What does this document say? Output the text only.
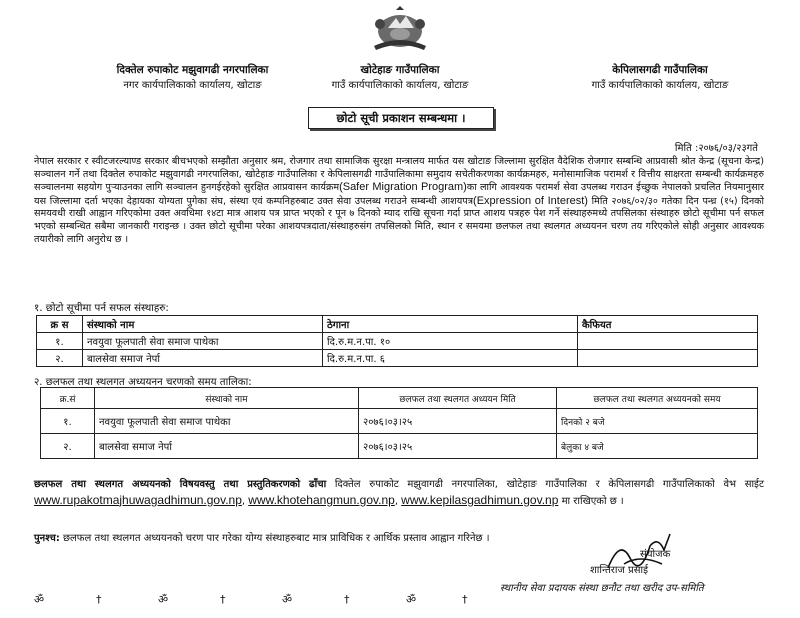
दिक्तेल रुपाकोट मझुवागढी नगरपालिका
नगर कार्यपालिकाको कार्यालय, खोटाङ
खोटेहाङ गाउँपालिका
गाउँ कार्यपालिकाको कार्यालय, खोटाङ
केपिलासगढी गाउँपालिका
गाउँ कार्यपालिकाको कार्यालय, खोटाङ
छोटो सूची प्रकाशन सम्बन्धमा ।
मिति :२०७६/०३/२३गते
नेपाल सरकार र स्वीटजरल्याण्ड सरकार बीचभएको सम्झौता अनुसार श्रम, रोजगार तथा सामाजिक सुरक्षा मन्त्रालय मार्फत यस खोटाङ जिल्लामा सुरक्षित वैदेशिक रोजगार सम्बन्धि आप्रवासी श्रोत केन्द्र (सूचना केन्द्र) सञ्चालन गर्ने तथा दिक्तेल रुपाकोट मझुवागढी नगरपालिका, खोटेहाङ गाउँपालिका र केपिलासगढी गाउँपालिकामा समुदाय सचेतीकरणका कार्यक्रमहरु, मनोसामाजिक परामर्श र वित्तीय साक्षरता सम्बन्धी कार्यक्रमहरु सञ्चालनमा सहयोग पुऱ्याउनका लागि सञ्चालन हुनगईरहेको सुरक्षित आप्रवासन कार्यक्रम(Safer Migration Program)का लागि आवश्यक परामर्श सेवा उपलब्ध गराउन ईच्छुक नेपालको प्रचलित नियमानुसार यस जिल्लामा दर्ता भएका देहायका योग्यता पुगेका संघ, संस्था एवं कम्पनिहरुबाट उक्त सेवा उपलब्ध गराउने सम्बन्धी आशयपत्र(Expression of Interest) मिति २०७६/०२/३० गतेका दिन पन्ध्र (१५) दिनको समयवधी राखी आह्वान गरिएकोमा उक्त अवधिमा १४टा मात्र आशय पत्र प्राप्त भएको र पून ७ दिनको म्याद राखि सूचना गर्दा प्राप्त आशय पत्रहरु पेश गर्ने संस्थाहरुमध्ये तपसिलका संस्थाहरु छोटो सूचीमा पर्न सफल भएको सम्बन्धित सबैमा जानकारी गराइन्छ । उक्त छोटो सूचीमा परेका आशयपत्रदाता/संस्थाहरुसंग तपसिलको मिति, स्थान र समयमा छलफल तथा स्थलगत अध्ययनन चरण तय गरिएकोले सोही अनुसार आवश्यक तयारीको लागि अनुरोध छ ।
१. छोटो सूचीमा पर्न सफल संस्थाहरु:
क्र स	संस्थाको नाम	ठेगाना	कैफियत
१.	नवयुवा फूलपाती सेवा समाज पाथेका	दि.रु.म.न.पा. १०	
२.	बालसेवा समाज नेर्पा	दि.रु.म.न.पा. ६	
२. छलफल तथा स्थलगत अध्ययनन चरणको समय तालिका:
क्र.सं	संस्थाको नाम	छलफल तथा स्थलगत अध्ययन मिति	छलफल तथा स्थलगत अध्ययनको समय
१.	नवयुवा फूलपाती सेवा समाज पाथेका	२०७६।०३।२५	दिनको २ बजे
२.	बालसेवा समाज नेर्पा	२०७६।०३।२५	बेलुका ४ बजे
छलफल तथा स्थलगत अध्ययनको विषयवस्तु तथा प्रस्तुतिकरणको ढाँचा दिक्तेल रुपाकोट मझुवागढी नगरपालिका, खोटेहाङ गाउँपालिका र केपिलासगढी गाउँपालिकाको वेभ साईट www.rupakotmajhuwagadhimun.gov.np, www.khotehangmun.gov.np, www.kepilasgadhimun.gov.np मा राखिएको छ ।
पुनश्च: छलफल तथा स्थलगत अध्ययनको चरण पार गरेका योग्य संस्थाहरुबाट मात्र प्राविधिक र आर्थिक प्रस्ताव आह्वान गरिनेछ ।
संयोजक
शान्तिराज प्रसाई
स्थानीय सेवा प्रदायक संस्था छनौट तथा खरीद उप-समिति
ॐ	†	ॐ	†	ॐ	†	ॐ	†
